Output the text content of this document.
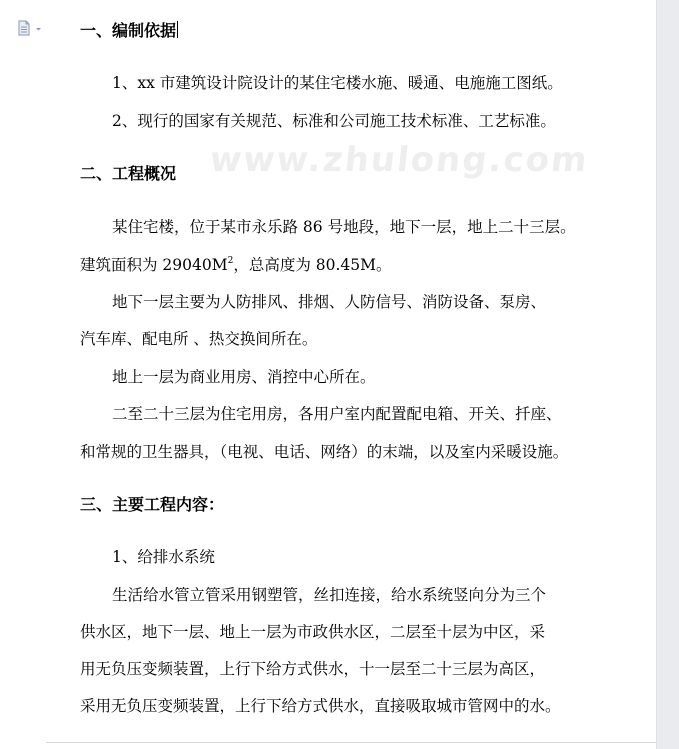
www.zhulong.com
一、编制依据
1、xx 市建筑设计院设计的某住宅楼水施、暖通、电施施工图纸。
2、现行的国家有关规范、标准和公司施工技术标准、工艺标准。
二、工程概况
某住宅楼，位于某市永乐路 86 号地段，地下一层，地上二十三层。
建筑面积为 $29040M^2$，总高度为 80.45M。
地下一层主要为人防排风、排烟、人防信号、消防设备、泵房、
汽车库、配电所 、热交换间所在。
地上一层为商业用房、消控中心所在。
二至二十三层为住宅用房，各用户室内配置配电箱、开关、扦座、
和常规的卫生器具，（电视、电话、网络）的末端，以及室内采暖设施。
三、主要工程内容：
1、给排水系统
生活给水管立管采用钢塑管，丝扣连接，给水系统竖向分为三个
供水区，地下一层、地上一层为市政供水区，二层至十层为中区，采
用无负压变频装置，上行下给方式供水，十一层至二十三层为高区，
采用无负压变频装置，上行下给方式供水，直接吸取城市管网中的水。
